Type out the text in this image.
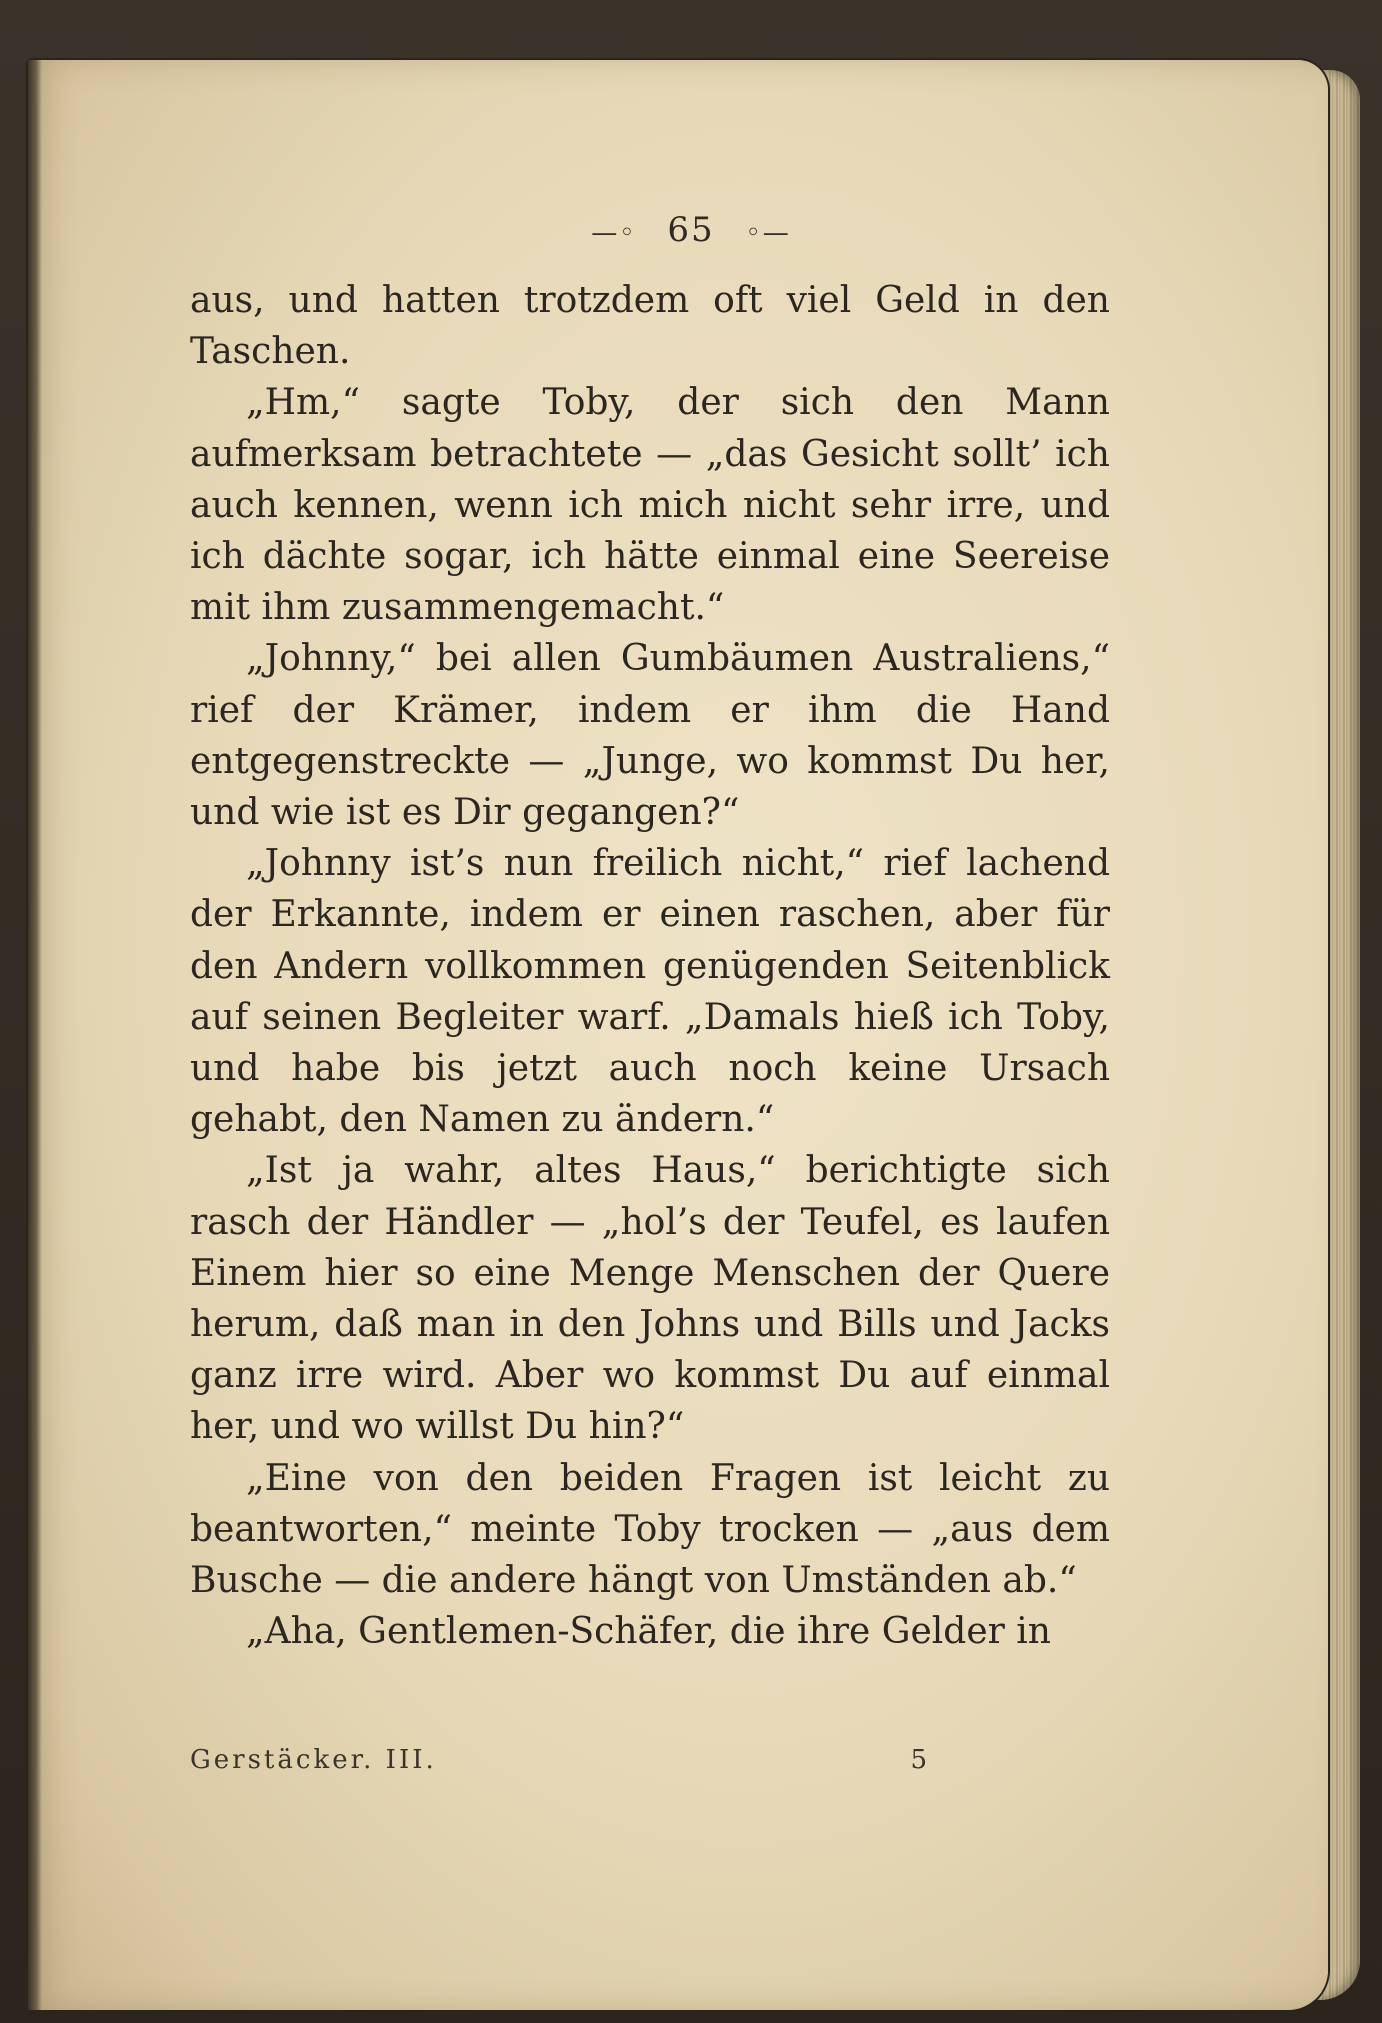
—◦ 65 ◦—

aus, und hatten trotzdem oft viel Geld in den Taschen.

„Hm,“ sagte Toby, der sich den Mann aufmerksam betrachtete — „das Gesicht sollt’ ich auch kennen, wenn ich mich nicht sehr irre, und ich dächte sogar, ich hätte einmal eine Seereise mit ihm zusammengemacht.“

„Johnny,“ bei allen Gumbäumen Australiens,“ rief der Krämer, indem er ihm die Hand entgegenstreckte — „Junge, wo kommst Du her, und wie ist es Dir gegangen?“

„Johnny ist’s nun freilich nicht,“ rief lachend der Erkannte, indem er einen raschen, aber für den Andern vollkommen genügenden Seitenblick auf seinen Begleiter warf. „Damals hieß ich Toby, und habe bis jetzt auch noch keine Ursach gehabt, den Namen zu ändern.“

„Ist ja wahr, altes Haus,“ berichtigte sich rasch der Händler — „hol’s der Teufel, es laufen Einem hier so eine Menge Menschen der Quere herum, daß man in den Johns und Bills und Jacks ganz irre wird. Aber wo kommst Du auf einmal her, und wo willst Du hin?“

„Eine von den beiden Fragen ist leicht zu beantworten,“ meinte Toby trocken — „aus dem Busche — die andere hängt von Umständen ab.“

„Aha, Gentlemen-Schäfer, die ihre Gelder in

Gerstäcker. III.	5
